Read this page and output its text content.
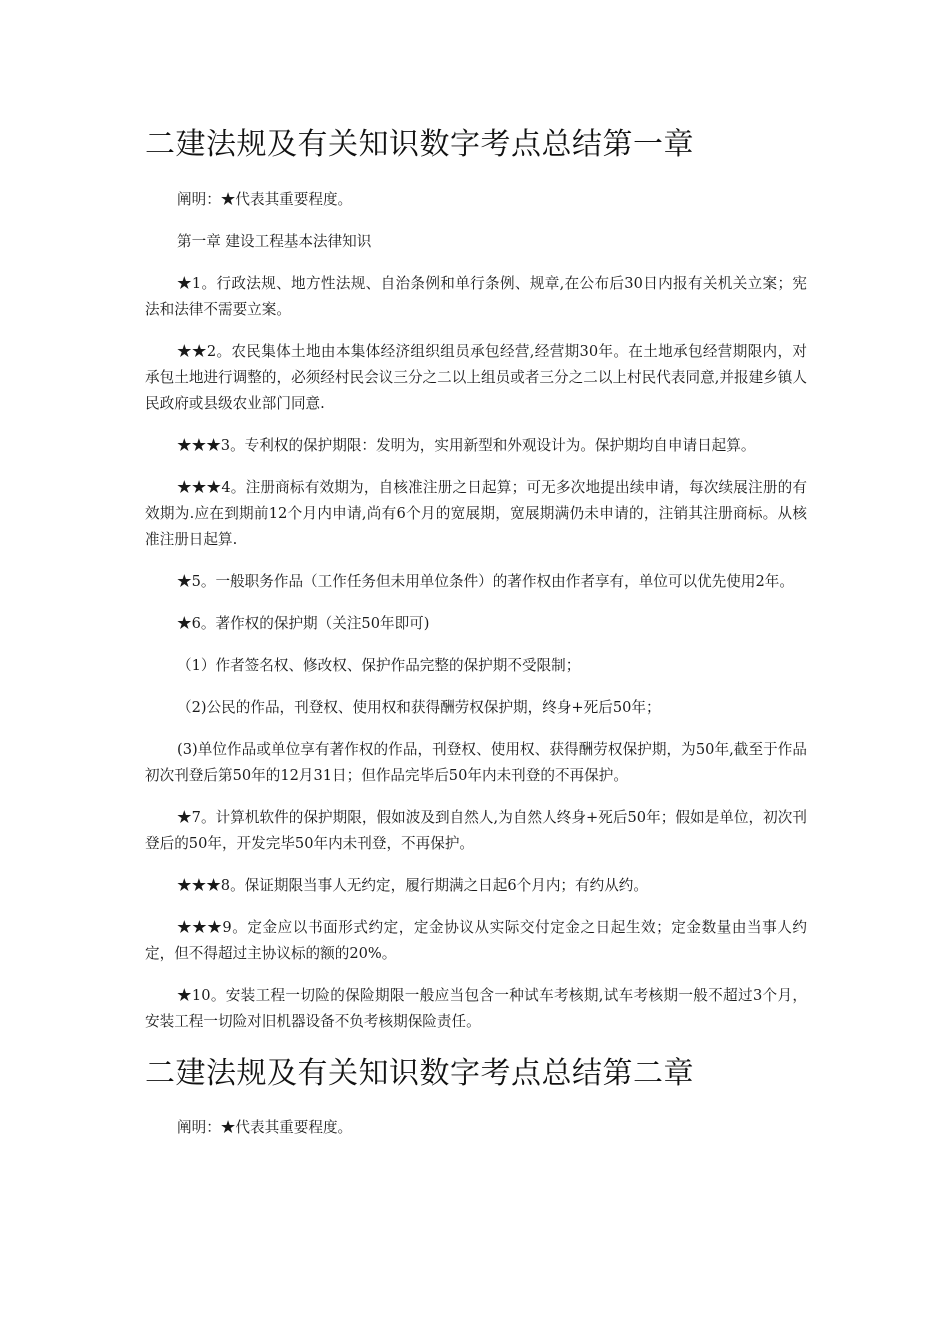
二建法规及有关知识数字考点总结第一章

阐明：★代表其重要程度。

第一章 建设工程基本法律知识

★1。行政法规、地方性法规、自治条例和单行条例、规章,在公布后30日内报有关机关立案；宪法和法律不需要立案。

★★2。农民集体土地由本集体经济组织组员承包经营,经营期30年。在土地承包经营期限内，对承包土地进行调整的，必须经村民会议三分之二以上组员或者三分之二以上村民代表同意,并报建乡镇人民政府或县级农业部门同意.

★★★3。专利权的保护期限：发明为，实用新型和外观设计为。保护期均自申请日起算。

★★★4。注册商标有效期为，自核准注册之日起算；可无多次地提出续申请，每次续展注册的有效期为.应在到期前12个月内申请,尚有6个月的宽展期，宽展期满仍未申请的，注销其注册商标。从核准注册日起算.

★5。一般职务作品（工作任务但未用单位条件）的著作权由作者享有，单位可以优先使用2年。

★6。著作权的保护期（关注50年即可)

（1）作者签名权、修改权、保护作品完整的保护期不受限制；

（2)公民的作品，刊登权、使用权和获得酬劳权保护期，终身+死后50年；

(3)单位作品或单位享有著作权的作品，刊登权、使用权、获得酬劳权保护期，为50年,截至于作品初次刊登后第50年的12月31日；但作品完毕后50年内未刊登的不再保护。

★7。计算机软件的保护期限，假如波及到自然人,为自然人终身+死后50年；假如是单位，初次刊登后的50年，开发完毕50年内未刊登，不再保护。

★★★8。保证期限当事人无约定，履行期满之日起6个月内；有约从约。

★★★9。定金应以书面形式约定，定金协议从实际交付定金之日起生效；定金数量由当事人约定，但不得超过主协议标的额的20%。

★10。安装工程一切险的保险期限一般应当包含一种试车考核期,试车考核期一般不超过3个月，安装工程一切险对旧机器设备不负考核期保险责任。

二建法规及有关知识数字考点总结第二章

阐明：★代表其重要程度。
